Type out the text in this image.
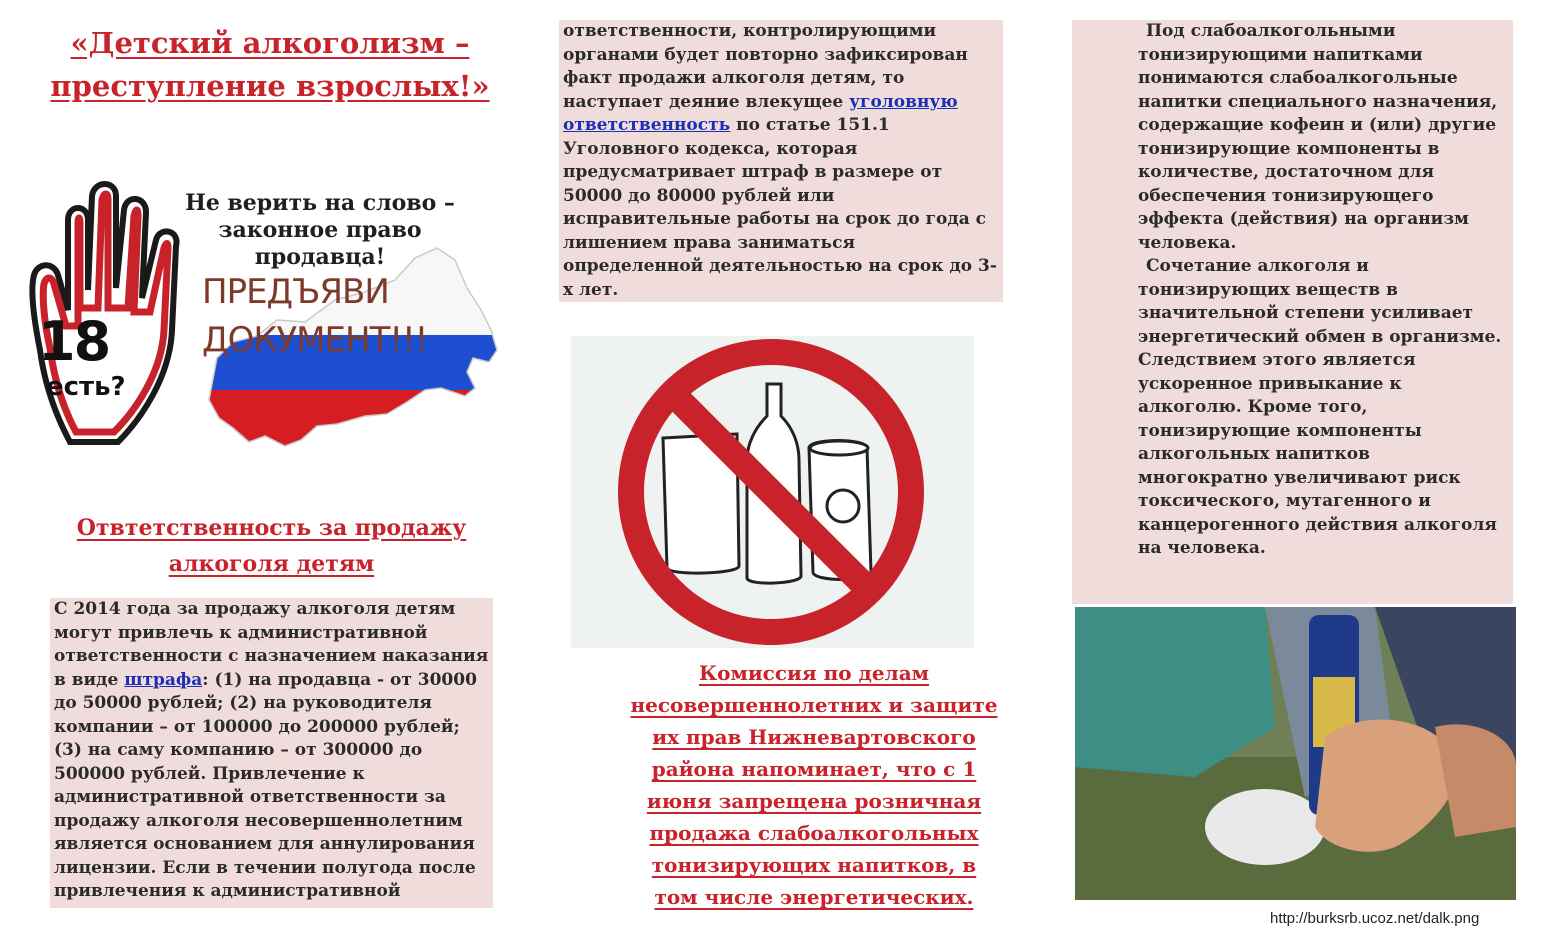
«Детский алкоголизм –
преступление взрослых!»
18
есть?
Не верить на слово –
законное право
продавца!
ПРЕДЪЯВИ
ДОКУМЕНТ!!!
Отвтетственность за продажу
алкоголя детям
С 2014 года за продажу алкоголя детям могут привлечь к административной ответственности с назначением наказания в виде штрафа: (1) на продавца - от 30000 до 50000 рублей; (2) на руководителя компании – от 100000 до 200000 рублей; (3) на саму компанию – от 300000 до 500000 рублей. Привлечение к административной ответственности за продажу алкоголя несовершеннолетним является основанием для аннулирования лицензии. Если в течении полугода после привлечения к административной
ответственности, контролирующими органами будет повторно зафиксирован факт продажи алкоголя детям, то наступает деяние влекущее уголовную ответственность по статье 151.1 Уголовного кодекса, которая предусматривает штраф в размере от 50000 до 80000 рублей или исправительные работы на срок до года с лишением права заниматься определенной деятельностью на срок до 3-х лет.
Комиссия по делам несовершеннолетних и защите их прав Нижневартовского района напоминает, что с 1 июня запрещена розничная продажа слабоалкогольных тонизирующих напитков, в том числе энергетических.
Под слабоалкогольными тонизирующими напитками понимаются слабоалкогольные напитки специального назначения, содержащие кофеин и (или) другие тонизирующие компоненты в количестве, достаточном для обеспечения тонизирующего эффекта (действия) на организм человека.
Сочетание алкоголя и тонизирующих веществ в значительной степени усиливает энергетический обмен в организме. Следствием этого является ускоренное привыкание к алкоголю. Кроме того, тонизирующие компоненты алкогольных напитков многократно увеличивают риск токсического, мутагенного и канцерогенного действия алкоголя на человека.
http://burksrb.ucoz.net/dalk.png
